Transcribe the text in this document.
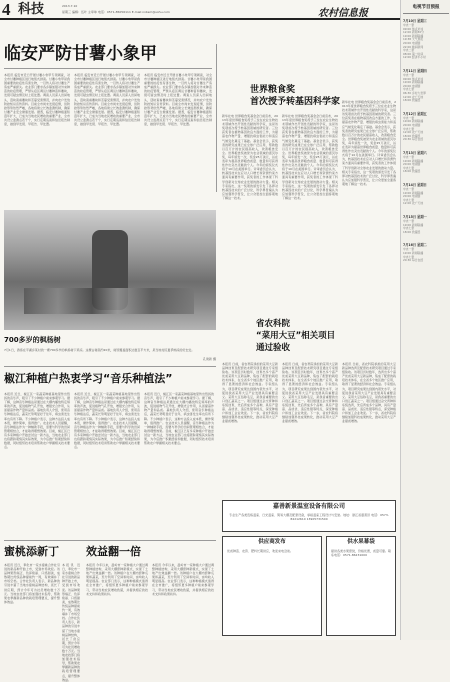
4 科技	2013.7.10
星期三 编辑：伍叶 主审单 电话：0571-85056111 E-mail:nxbsm@sohu.com	农村信息报
临安严防甘薯小象甲
本报讯 临安市近日开展甘薯小象甲专项调查，对全市甘薯种植区进行地毯式排查。甘薯小象甲是我国重要的检疫性有害生物，一旦传入将对甘薯生产造成严重损失。农业部门要求各乡镇加强对外来种苗的检疫管理，严禁从疫区调运甘薯种苗和薯块，发现可疑虫情及时上报处置。调查人员深入田间地头，逐块查看薯块和茎蔓受害情况，并向农户发放防控知识宣传资料。目前全市尚未发现疫情，但防控形势依然严峻，各地将建立长效监测机制，确保甘薯产业安全健康发展。据悉，临安甘薯种植面积逐年扩大，已成为当地农民增收的重要产业，全市共设立监测点若干个，实行定期巡查和信息报告制度，做到早发现、早报告、早处置。
本报讯 临安市近日开展甘薯小象甲专项调查，对全市甘薯种植区进行地毯式排查。甘薯小象甲是我国重要的检疫性有害生物，一旦传入将对甘薯生产造成严重损失。农业部门要求各乡镇加强对外来种苗的检疫管理，严禁从疫区调运甘薯种苗和薯块，发现可疑虫情及时上报处置。调查人员深入田间地头，逐块查看薯块和茎蔓受害情况，并向农户发放防控知识宣传资料。目前全市尚未发现疫情，但防控形势依然严峻，各地将建立长效监测机制，确保甘薯产业安全健康发展。据悉，临安甘薯种植面积逐年扩大，已成为当地农民增收的重要产业，全市共设立监测点若干个，实行定期巡查和信息报告制度，做到早发现、早报告、早处置。
本报讯 临安市近日开展甘薯小象甲专项调查，对全市甘薯种植区进行地毯式排查。甘薯小象甲是我国重要的检疫性有害生物，一旦传入将对甘薯生产造成严重损失。农业部门要求各乡镇加强对外来种苗的检疫管理，严禁从疫区调运甘薯种苗和薯块，发现可疑虫情及时上报处置。调查人员深入田间地头，逐块查看薯块和茎蔓受害情况，并向农户发放防控知识宣传资料。目前全市尚未发现疫情，但防控形势依然严峻，各地将建立长效监测机制，确保甘薯产业安全健康发展。据悉，临安甘薯种植面积逐年扩大，已成为当地农民增收的重要产业，全市共设立监测点若干个，实行定期巡查和信息报告制度，做到早发现、早报告、早处置。
世界粮食奖
首次授予转基因科学家
新华社电 世界粮食奖基金会日前宣布，2013年度世界粮食奖授予三位在农业生物技术领域作出开创性贡献的科学家，这是该奖项首次授予转基因领域的研究者。三位获奖者在植物基因改良方面的工作，为提高农作物产量、增强抗病虫害能力和适应气候变化奠定了基础。基金会表示，获奖者的研究成果已在全球广泛应用，帮助数以百万计的农民提高收入，改善粮食安全。世界粮食奖被誉为农业领域的诺贝尔奖，每年颁发一次，奖金25万美元，旨在表彰为提高世界粮食质量、数量和可获得性作出突出贡献的个人。今年的颁奖仪式将于10月在美国举行。评审委员会认为，转基因技术在应对人口增长和资源约束方面具有重要作用，获奖者的工作体现了科学创新对全球农业发展的推动力量。相关专家指出，这一奖项的颁发引发了各界对转基因技术的广泛讨论，科学界普遍认为应加强科学普及，让公众更加全面客观地了解这一技术。
新华社电 世界粮食奖基金会日前宣布，2013年度世界粮食奖授予三位在农业生物技术领域作出开创性贡献的科学家，这是该奖项首次授予转基因领域的研究者。三位获奖者在植物基因改良方面的工作，为提高农作物产量、增强抗病虫害能力和适应气候变化奠定了基础。基金会表示，获奖者的研究成果已在全球广泛应用，帮助数以百万计的农民提高收入，改善粮食安全。世界粮食奖被誉为农业领域的诺贝尔奖，每年颁发一次，奖金25万美元，旨在表彰为提高世界粮食质量、数量和可获得性作出突出贡献的个人。今年的颁奖仪式将于10月在美国举行。评审委员会认为，转基因技术在应对人口增长和资源约束方面具有重要作用，获奖者的工作体现了科学创新对全球农业发展的推动力量。相关专家指出，这一奖项的颁发引发了各界对转基因技术的广泛讨论，科学界普遍认为应加强科学普及，让公众更加全面客观地了解这一技术。
新华社电 世界粮食奖基金会日前宣布，2013年度世界粮食奖授予三位在农业生物技术领域作出开创性贡献的科学家，这是该奖项首次授予转基因领域的研究者。三位获奖者在植物基因改良方面的工作，为提高农作物产量、增强抗病虫害能力和适应气候变化奠定了基础。基金会表示，获奖者的研究成果已在全球广泛应用，帮助数以百万计的农民提高收入，改善粮食安全。世界粮食奖被誉为农业领域的诺贝尔奖，每年颁发一次，奖金25万美元，旨在表彰为提高世界粮食质量、数量和可获得性作出突出贡献的个人。今年的颁奖仪式将于10月在美国举行。评审委员会认为，转基因技术在应对人口增长和资源约束方面具有重要作用，获奖者的工作体现了科学创新对全球农业发展的推动力量。相关专家指出，这一奖项的颁发引发了各界对转基因技术的广泛讨论，科学界普遍认为应加强科学普及，让公众更加全面客观地了解这一技术。
700多岁的枫杨树
7月1日，游客在平湖乡某村的一棵700多岁的枫杨树下乘凉。这棵古树高约20米，树冠覆盖面积达数百平方米，是当地村民夏季纳凉的好去处。
孔建新 摄
省农科院
“菜用大豆”相关项目
通过验收
本报讯 日前，省农科院承担的菜用大豆新品种选育及配套技术研究项目通过专家组验收。该项目历时数年，选育出多个高产优质菜用大豆新品种，集成了配套的栽培技术体系，在全省多个地区推广应用，取得了显著的经济和社会效益。专家组认为，项目研究成果达到国内领先水平，对促进我省菜用大豆产业发展具有重要意义。菜用大豆俗称毛豆，是我省重要的出口创汇蔬菜之一。项目组通过杂交育种和系统选育，先后育成多个品种，具有产量高、品质优、适应性强等特点，深受种植户和加工企业欢迎。下一步，省农科院将继续加强科技成果转化，推动菜用大豆产业提质增效。
本报讯 日前，省农科院承担的菜用大豆新品种选育及配套技术研究项目通过专家组验收。该项目历时数年，选育出多个高产优质菜用大豆新品种，集成了配套的栽培技术体系，在全省多个地区推广应用，取得了显著的经济和社会效益。专家组认为，项目研究成果达到国内领先水平，对促进我省菜用大豆产业发展具有重要意义。菜用大豆俗称毛豆，是我省重要的出口创汇蔬菜之一。项目组通过杂交育种和系统选育，先后育成多个品种，具有产量高、品质优、适应性强等特点，深受种植户和加工企业欢迎。下一步，省农科院将继续加强科技成果转化，推动菜用大豆产业提质增效。
本报讯 日前，省农科院承担的菜用大豆新品种选育及配套技术研究项目通过专家组验收。该项目历时数年，选育出多个高产优质菜用大豆新品种，集成了配套的栽培技术体系，在全省多个地区推广应用，取得了显著的经济和社会效益。专家组认为，项目研究成果达到国内领先水平，对促进我省菜用大豆产业发展具有重要意义。菜用大豆俗称毛豆，是我省重要的出口创汇蔬菜之一。项目组通过杂交育种和系统选育，先后育成多个品种，具有产量高、品质优、适应性强等特点，深受种植户和加工企业欢迎。下一步，省农科院将继续加强科技成果转化，推动菜用大豆产业提质增效。
椒江种植户热衷学习“音乐种植法”
本报讯 近日，椒江区一家蔬菜种植基地里传出悠扬的音乐声，吸引了不少种植户前来参观学习。据了解，这种音乐种植法是通过在大棚内播放特定频率的声波，促进植物气孔开放，增强光合作用，从而提高作物产量和品质。基地负责人介绍，使用音乐种植法后，蔬菜长势明显好于往年，病虫害发生率也有所下降。不少种植户表示，这种方法投入成本低，操作简单，值得推广。农业技术人员提醒，音乐种植法作为一种辅助手段，需要与科学的田间管理相结合，才能取得理想效果。目前，椒江区已有多家种植户开始尝试这一新方法，当地农业部门也将跟踪观察其实际效果，为今后推广积累经验和数据，同时组织技术培训帮助农户掌握相关技术要点。
本报讯 近日，椒江区一家蔬菜种植基地里传出悠扬的音乐声，吸引了不少种植户前来参观学习。据了解，这种音乐种植法是通过在大棚内播放特定频率的声波，促进植物气孔开放，增强光合作用，从而提高作物产量和品质。基地负责人介绍，使用音乐种植法后，蔬菜长势明显好于往年，病虫害发生率也有所下降。不少种植户表示，这种方法投入成本低，操作简单，值得推广。农业技术人员提醒，音乐种植法作为一种辅助手段，需要与科学的田间管理相结合，才能取得理想效果。目前，椒江区已有多家种植户开始尝试这一新方法，当地农业部门也将跟踪观察其实际效果，为今后推广积累经验和数据，同时组织技术培训帮助农户掌握相关技术要点。
本报讯 近日，椒江区一家蔬菜种植基地里传出悠扬的音乐声，吸引了不少种植户前来参观学习。据了解，这种音乐种植法是通过在大棚内播放特定频率的声波，促进植物气孔开放，增强光合作用，从而提高作物产量和品质。基地负责人介绍，使用音乐种植法后，蔬菜长势明显好于往年，病虫害发生率也有所下降。不少种植户表示，这种方法投入成本低，操作简单，值得推广。农业技术人员提醒，音乐种植法作为一种辅助手段，需要与科学的田间管理相结合，才能取得理想效果。目前，椒江区已有多家种植户开始尝试这一新方法，当地农业部门也将跟踪观察其实际效果，为今后推广积累经验和数据，同时组织技术培训帮助农户掌握相关技术要点。
蜜桃添新丁 效益翻一倍
本报讯 近日，奉化市一家水蜜桃合作社引进的新品种开始上市，受到市场欢迎。该品种果形端正、色泽艳丽、口感甜美，成熟期比传统品种提前约一周，有效填补了市场空档。合作社负责人表示，新品种的引进丰富了当地水蜜桃品种结构，延长了供应期，预计今年可为社员增收数十万元。当地农技部门将加强技术指导，帮助果农掌握新品种的栽培管理要点，提升整体效益。
本报讯 近日，奉化市一家水蜜桃合作社引进的新品种开始上市，受到市场欢迎。该品种果形端正、色泽艳丽、口感甜美，成熟期比传统品种提前约一周，有效填补了市场空档。合作社负责人表示，新品种的引进丰富了当地水蜜桃品种结构，延长了供应期，预计今年可为社员增收数十万元。当地农技部门将加强技术指导，帮助果农掌握新品种的栽培管理要点，提升整体效益。
本报讯 今年以来，温岭市一家种植大户通过调整种植结构，采用大棚套种新模式，实现了土地产出效益翻一倍。该种植户在大棚内套种瓜果和蔬菜，充分利用了空间和时间，亩均收入明显提高。农业部门表示，这种种植模式值得在全市推广，将组织更多种植户前来参观学习，带动当地农民增收致富，并提供相应的技术支持和政策扶持。
本报讯 今年以来，温岭市一家种植大户通过调整种植结构，采用大棚套种新模式，实现了土地产出效益翻一倍。该种植户在大棚内套种瓜果和蔬菜，充分利用了空间和时间，亩均收入明显提高。农业部门表示，这种种植模式值得在全市推广，将组织更多种植户前来参观学习，带动当地农民增收致富，并提供相应的技术支持和政策扶持。
嘉善新景温室设备有限公司
专业生产各类连栋温室、日光温室、简易大棚及配套设备，承接温室工程设计与安装。地址：浙江省嘉善县 电话：0573-84212610 13905731500
供应商发布
优质种苗、农资、肥料长期供应，欢迎来电洽谈。
供水果幕袋
提供各类水果套袋，价格优惠，质量可靠。联系电话：0571-86231000
电视节目预报
7月10日 星期三
中央一套
09:00 焦点访谈
12:00 新闻30分
19:00 新闻联播
19:38 天气预报
20:00 电视剧
22:00 晚间新闻
中央二套
08:00 第一时间
12:00 经济半小时
7月11日 星期四
中央一套
09:00 焦点访谈
19:00 新闻联播
20:00 电视剧
中央七套
06:30 乡村大世界
12:00 农广天地
18:00 致富经
7月12日 星期五
中央一套
19:00 新闻联播
20:00 电视剧
中央七套
12:00 农广天地
18:00 致富经
20:30 每日农经
7月13日 星期六
中央一套
19:00 新闻联播
20:00 电视剧
中央七套
18:00 致富经
7月14日 星期日
中央一套
19:00 新闻联播
20:00 电视剧
中央七套
12:00 农广天地
7月15日 星期一
中央一套
19:00 新闻联播
中央七套
18:00 致富经
7月16日 星期二
中央一套
19:00 新闻联播
中央七套
20:30 每日农经
